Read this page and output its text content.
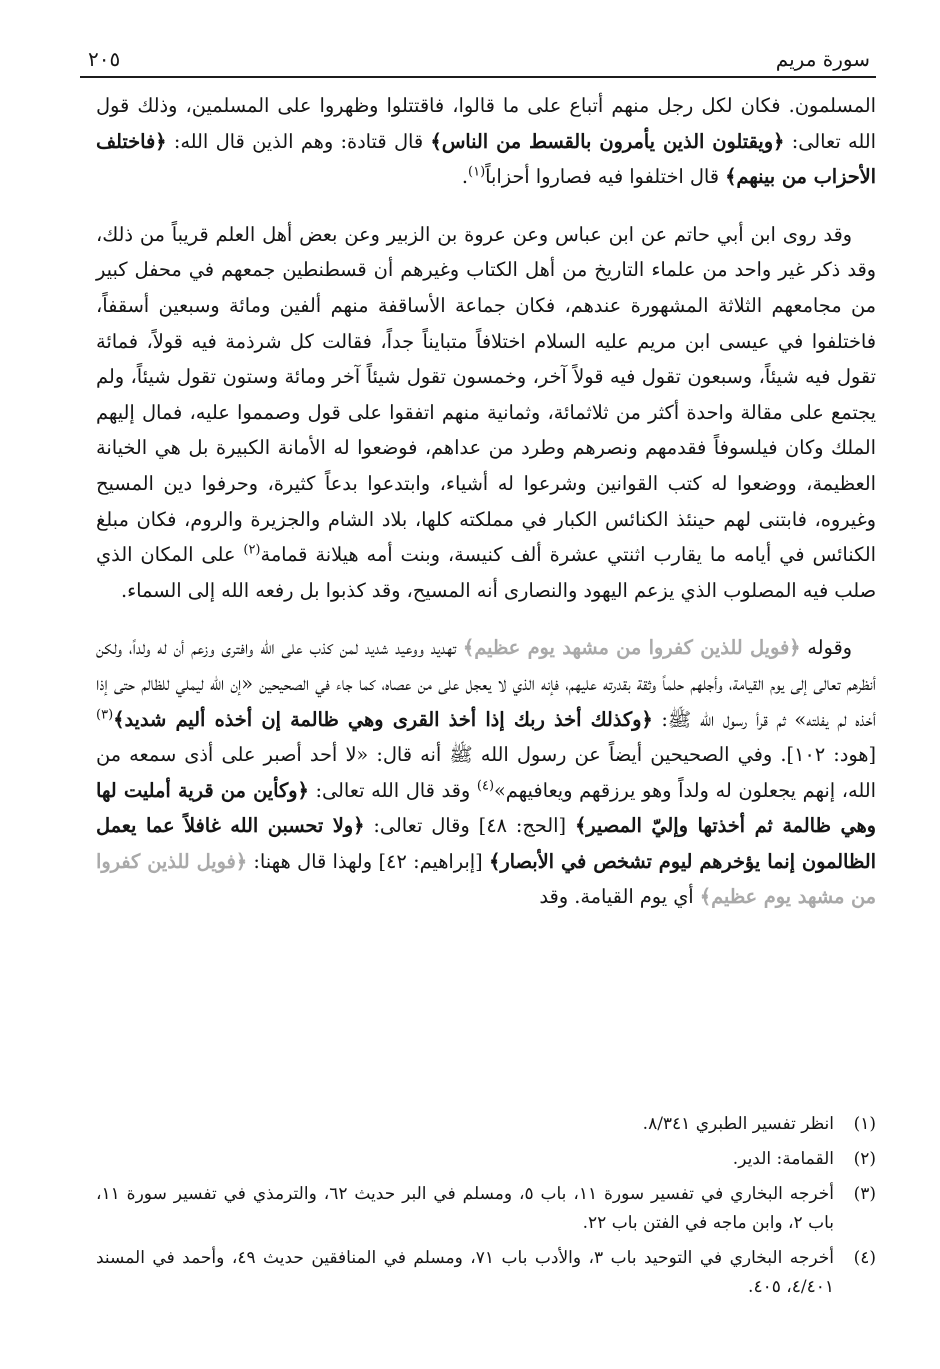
سورة مريم
٢٠٥

المسلمون. فكان لكل رجل منهم أتباع على ما قالوا، فاقتتلوا وظهروا على المسلمين، وذلك قول الله تعالى: ﴿ويقتلون الذين يأمرون بالقسط من الناس﴾ قال قتادة: وهم الذين قال الله: ﴿فاختلف الأحزاب من بينهم﴾ قال اختلفوا فيه فصاروا أحزاباً$^{(١)}$.

وقد روى ابن أبي حاتم عن ابن عباس وعن عروة بن الزبير وعن بعض أهل العلم قريباً من ذلك، وقد ذكر غير واحد من علماء التاريخ من أهل الكتاب وغيرهم أن قسطنطين جمعهم في محفل كبير من مجامعهم الثلاثة المشهورة عندهم، فكان جماعة الأساقفة منهم ألفين ومائة وسبعين أسقفاً، فاختلفوا في عيسى ابن مريم عليه السلام اختلافاً متبايناً جداً، فقالت كل شرذمة فيه قولاً، فمائة تقول فيه شيئاً، وسبعون تقول فيه قولاً آخر، وخمسون تقول شيئاً آخر ومائة وستون تقول شيئاً، ولم يجتمع على مقالة واحدة أكثر من ثلاثمائة، وثمانية منهم اتفقوا على قول وصمموا عليه، فمال إليهم الملك وكان فيلسوفاً فقدمهم ونصرهم وطرد من عداهم، فوضعوا له الأمانة الكبيرة بل هي الخيانة العظيمة، ووضعوا له كتب القوانين وشرعوا له أشياء، وابتدعوا بدعاً كثيرة، وحرفوا دين المسيح وغيروه، فابتنى لهم حينئذ الكنائس الكبار في مملكته كلها، بلاد الشام والجزيرة والروم، فكان مبلغ الكنائس في أيامه ما يقارب اثنتي عشرة ألف كنيسة، وبنت أمه هيلانة قمامة$^{(٢)}$ على المكان الذي صلب فيه المصلوب الذي يزعم اليهود والنصارى أنه المسيح، وقد كذبوا بل رفعه الله إلى السماء.

وقوله ﴿فويل للذين كفروا من مشهد يوم عظيم﴾ تهديد ووعيد شديد لمن كذب على الله وافترى وزعم أن له ولداً، ولكن أنظرهم تعالى إلى يوم القيامة، وأجلهم حلماً وثقة بقدرته عليهم، فإنه الذي لا يعجل على من عصاه، كما جاء في الصحيحين «إن الله ليملي للظالم حتى إذا أخذه لم يفلته» ثم قرأ رسول الله ﷺ: ﴿وكذلك أخذ ربك إذا أخذ القرى وهي ظالمة إن أخذه أليم شديد﴾$^{(٣)}$ [هود: ١٠٢]. وفي الصحيحين أيضاً عن رسول الله ﷺ أنه قال: «لا أحد أصبر على أذى سمعه من الله، إنهم يجعلون له ولداً وهو يرزقهم ويعافيهم»$^{(٤)}$ وقد قال الله تعالى: ﴿وكأين من قرية أمليت لها وهي ظالمة ثم أخذتها وإليّ المصير﴾ [الحج: ٤٨] وقال تعالى: ﴿ولا تحسبن الله غافلاً عما يعمل الظالمون إنما يؤخرهم ليوم تشخص في الأبصار﴾ [إبراهيم: ٤٢] ولهذا قال ههنا: ﴿فويل للذين كفروا من مشهد يوم عظيم﴾ أي يوم القيامة. وقد

(١)
انظر تفسير الطبري ٨/٣٤١.
(٢)
القمامة: الدير.
(٣)
أخرجه البخاري في تفسير سورة ١١، باب ٥، ومسلم في البر حديث ٦٢، والترمذي في تفسير سورة ١١، باب ٢، وابن ماجه في الفتن باب ٢٢.
(٤)
أخرجه البخاري في التوحيد باب ٣، والأدب باب ٧١، ومسلم في المنافقين حديث ٤٩، وأحمد في المسند ٤/٤٠١، ٤٠٥.
